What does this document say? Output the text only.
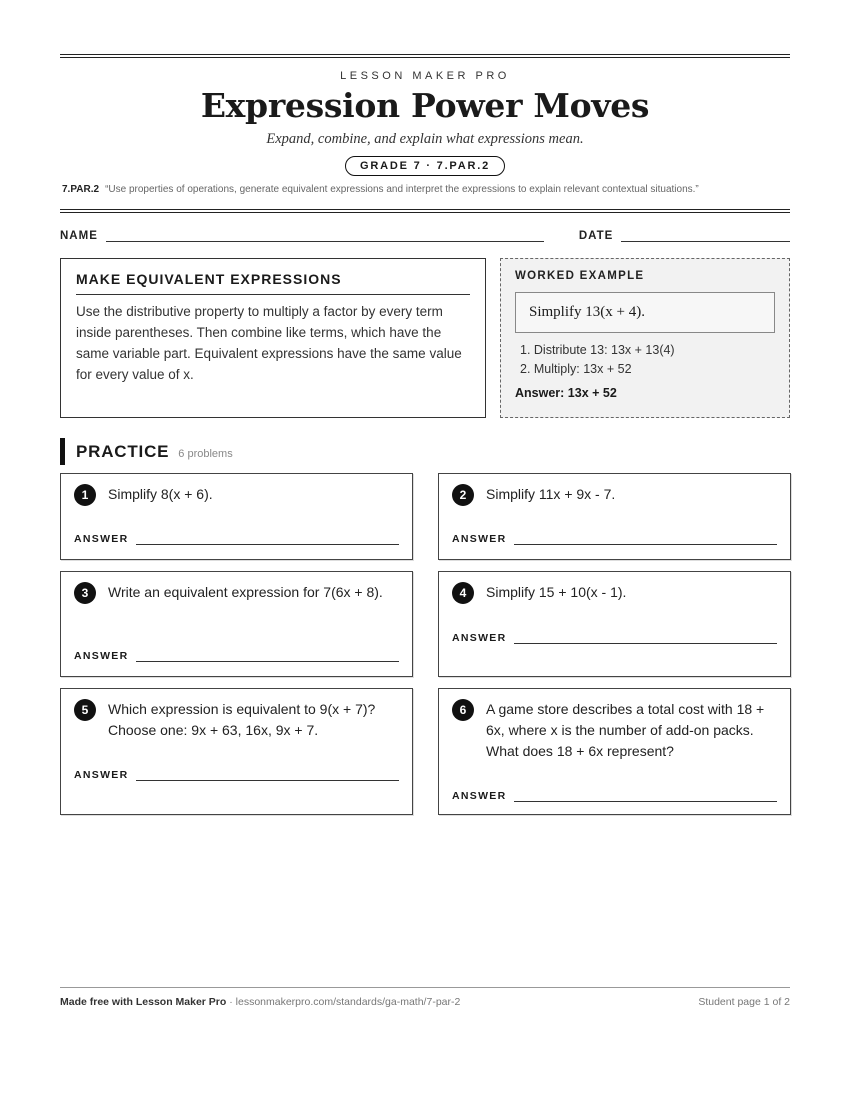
LESSON MAKER PRO
Expression Power Moves
Expand, combine, and explain what expressions mean.
GRADE 7 · 7.PAR.2
7.PAR.2 “Use properties of operations, generate equivalent expressions and interpret the expressions to explain relevant contextual situations.”
NAME	DATE
MAKE EQUIVALENT EXPRESSIONS
Use the distributive property to multiply a factor by every term inside parentheses. Then combine like terms, which have the same variable part. Equivalent expressions have the same value for every value of x.
WORKED EXAMPLE
Simplify 13(x + 4).
1. Distribute 13: 13x + 13(4)
2. Multiply: 13x + 52
Answer: 13x + 52
PRACTICE 6 problems
1	Simplify 8(x + 6).
ANSWER
2	Simplify 11x + 9x - 7.
ANSWER
3	Write an equivalent expression for 7(6x + 8).
ANSWER
4	Simplify 15 + 10(x - 1).
ANSWER
5	Which expression is equivalent to 9(x + 7)? Choose one: 9x + 63, 16x, 9x + 7.
ANSWER
6	A game store describes a total cost with 18 + 6x, where x is the number of add-on packs. What does 18 + 6x represent?
ANSWER
Made free with Lesson Maker Pro · lessonmakerpro.com/standards/ga-math/7-par-2	Student page 1 of 2
